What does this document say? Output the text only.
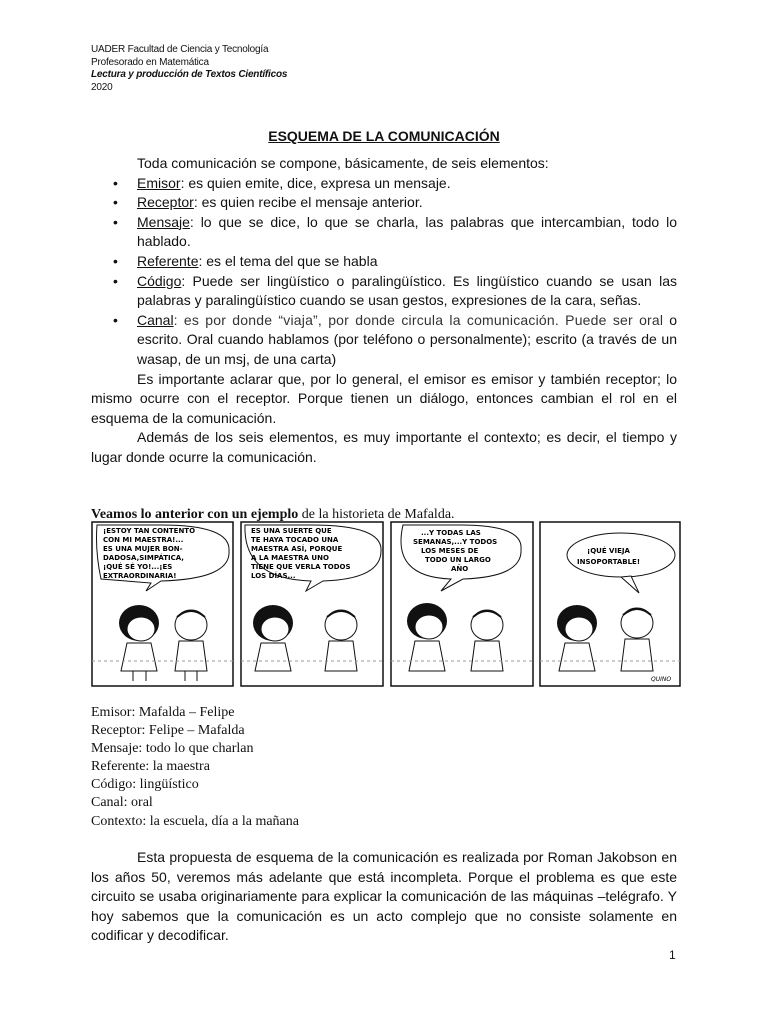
UADER Facultad de Ciencia y Tecnología
Profesorado en Matemática
Lectura y producción de Textos Científicos
2020
ESQUEMA DE LA COMUNICACIÓN

Toda comunicación se compone, básicamente, de seis elementos:

• Emisor: es quien emite, dice, expresa un mensaje.
• Receptor: es quien recibe el mensaje anterior.
• Mensaje: lo que se dice, lo que se charla, las palabras que intercambian, todo lo hablado.
• Referente: es el tema del que se habla
• Código: Puede ser lingüístico o paralingüístico. Es lingüístico cuando se usan las palabras y paralingüístico cuando se usan gestos, expresiones de la cara, señas.
• Canal: es por donde “viaja”, por donde circula la comunicación. Puede ser oral o escrito. Oral cuando hablamos (por teléfono o personalmente); escrito (a través de un wasap, de un msj, de una carta)

Es importante aclarar que, por lo general, el emisor es emisor y también receptor; lo mismo ocurre con el receptor. Porque tienen un diálogo, entonces cambian el rol en el esquema de la comunicación.

Además de los seis elementos, es muy importante el contexto; es decir, el tiempo y lugar donde ocurre la comunicación.

Veamos lo anterior con un ejemplo de la historieta de Mafalda.
¡ESTOY TAN CONTENTO CON MI MAESTRA!... ES UNA MUJER BON- DADOSA,SIMPÁTICA, ¡QUÉ SÉ YO!...¡ES EXTRAORDINARIA!
ES UNA SUERTE QUE TE HAYA TOCADO UNA MAESTRA ASÍ, PORQUE A LA MAESTRA UNO TIENE QUE VERLA TODOS LOS DÍAS...
...Y TODAS LAS SEMANAS,...Y TODOS LOS MESES DE TODO UN LARGO AÑO
¡QUÉ VIEJA INSOPORTABLE!
QUINO
Emisor: Mafalda – Felipe
Receptor: Felipe – Mafalda
Mensaje: todo lo que charlan
Referente: la maestra
Código: lingüístico
Canal: oral
Contexto: la escuela, día a la mañana

Esta propuesta de esquema de la comunicación es realizada por Roman Jakobson en los años 50, veremos más adelante que está incompleta. Porque el problema es que este circuito se usaba originariamente para explicar la comunicación de las máquinas –telégrafo. Y hoy sabemos que la comunicación es un acto complejo que no consiste solamente en codificar y decodificar.

1
